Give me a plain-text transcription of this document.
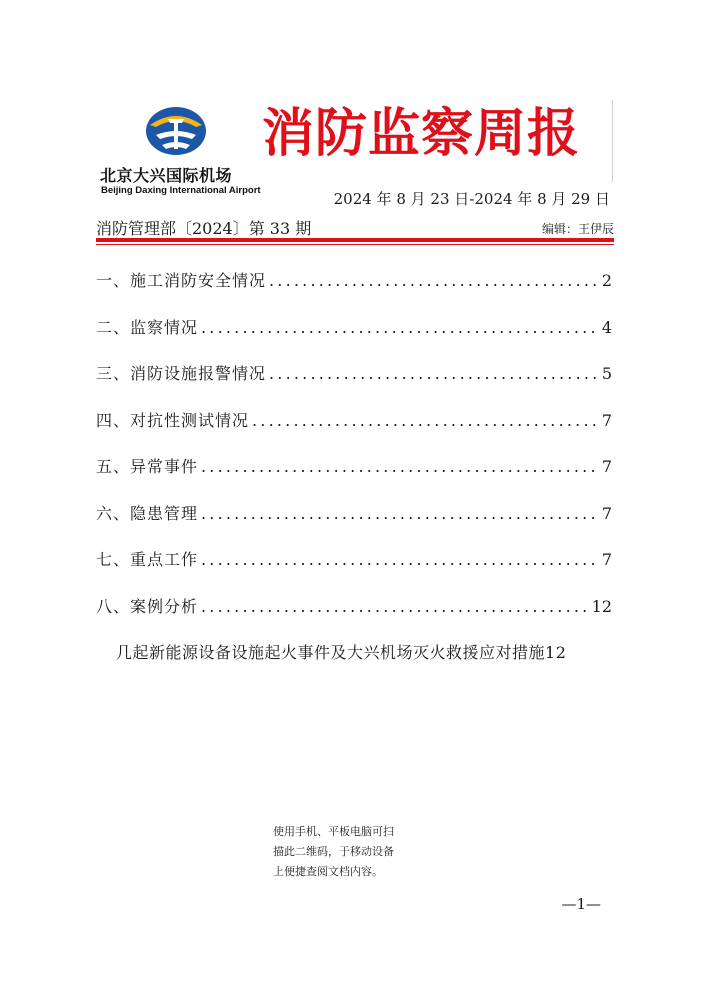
北京大兴国际机场
Beijing Daxing International Airport
消防监察周报
2024 年 8 月 23 日-2024 年 8 月 29 日
消防管理部〔2024〕第 33 期	编辑：王伊辰
一、施工消防安全情况 .....	2
二、监察情况 .....	4
三、消防设施报警情况 .....	5
四、对抗性测试情况 .....	7
五、异常事件 .....	7
六、隐患管理 .....	7
七、重点工作 .....	7
八、案例分析 .....	12
几起新能源设备设施起火事件及大兴机场灭火救援应对措施 12
使用手机、平板电脑可扫
描此二维码，于移动设备
上便捷查阅文档内容。
—1—
